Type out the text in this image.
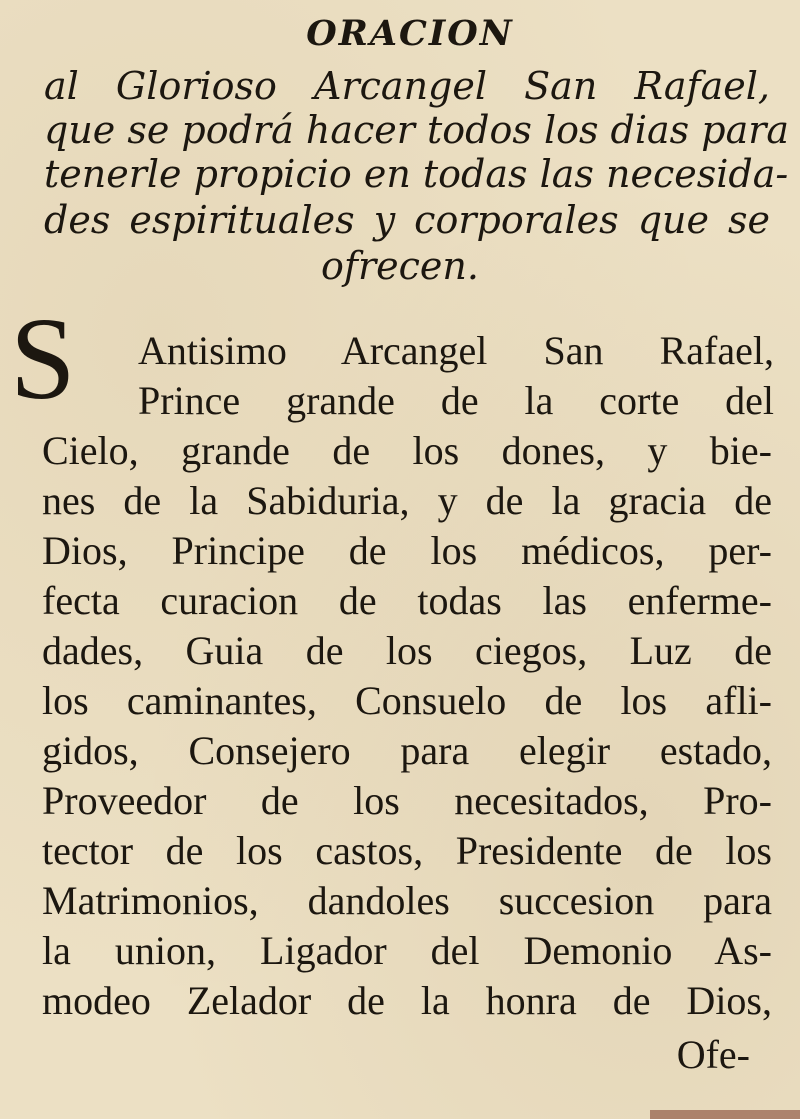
ORACION
al Glorioso Arcangel San Rafael,
que se podrá hacer todos los dias para
tenerle propicio en todas las necesida-
des espirituales y corporales que se
ofrecen.
S Antisimo Arcangel San Rafael,
Prince grande de la corte del
Cielo, grande de los dones, y bie-
nes de la Sabiduria, y de la gracia de
Dios, Principe de los médicos, per-
fecta curacion de todas las enferme-
dades, Guia de los ciegos, Luz de
los caminantes, Consuelo de los afli-
gidos, Consejero para elegir estado,
Proveedor de los necesitados, Pro-
tector de los castos, Presidente de los
Matrimonios, dandoles succesion para
la union, Ligador del Demonio As-
modeo Zelador de la honra de Dios,
Ofe-
